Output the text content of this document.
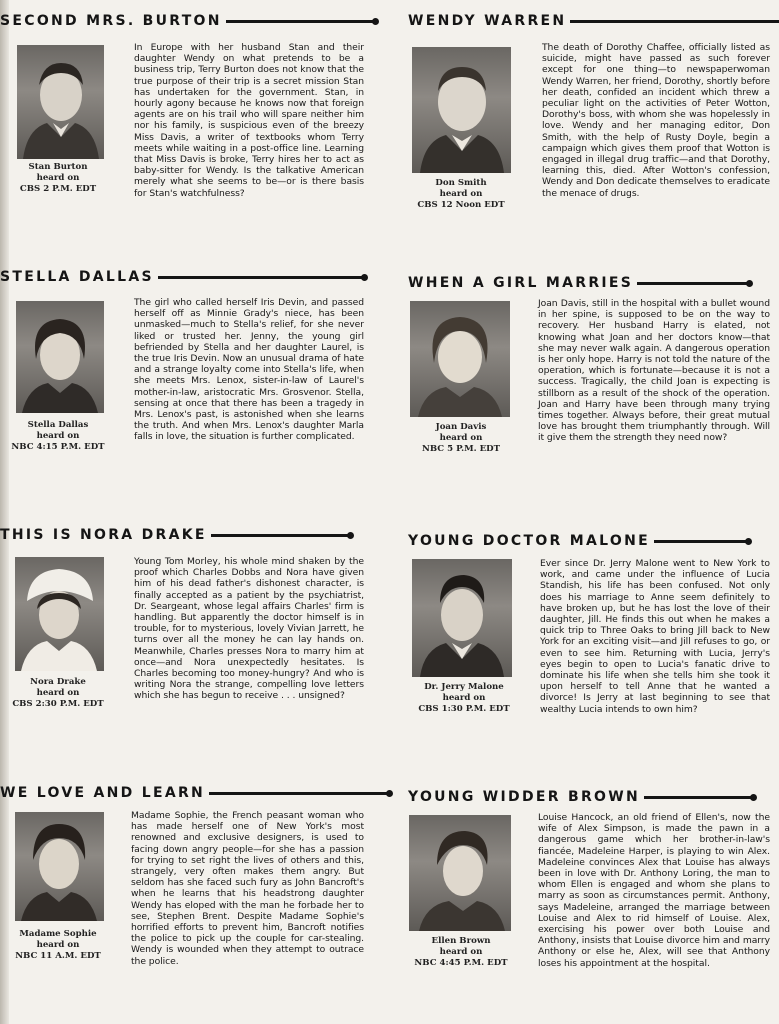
SECOND MRS. BURTON
Stan Burton
heard on
CBS 2 P.M. EDT
In Europe with her husband Stan and their daughter Wendy on what pretends to be a business trip, Terry Burton does not know that the true purpose of their trip is a secret mission Stan has undertaken for the government. Stan, in hourly agony because he knows now that foreign agents are on his trail who will spare neither him nor his family, is suspicious even of the breezy Miss Davis, a writer of textbooks whom Terry meets while waiting in a post-office line. Learning that Miss Davis is broke, Terry hires her to act as baby-sitter for Wendy. Is the talkative American merely what she seems to be—or is there basis for Stan's watchfulness?
WENDY WARREN
Don Smith
heard on
CBS 12 Noon EDT
The death of Dorothy Chaffee, officially listed as suicide, might have passed as such forever except for one thing—to newspaperwoman Wendy Warren, her friend, Dorothy, shortly before her death, confided an incident which threw a peculiar light on the activities of Peter Wotton, Dorothy's boss, with whom she was hopelessly in love. Wendy and her managing editor, Don Smith, with the help of Rusty Doyle, begin a campaign which gives them proof that Wotton is engaged in illegal drug traffic—and that Dorothy, learning this, died. After Wotton's confession, Wendy and Don dedicate themselves to eradicate the menace of drugs.
STELLA DALLAS
Stella Dallas
heard on
NBC 4:15 P.M. EDT
The girl who called herself Iris Devin, and passed herself off as Minnie Grady's niece, has been unmasked—much to Stella's relief, for she never liked or trusted her. Jenny, the young girl befriended by Stella and her daughter Laurel, is the true Iris Devin. Now an unusual drama of hate and a strange loyalty come into Stella's life, when she meets Mrs. Lenox, sister-in-law of Laurel's mother-in-law, aristocratic Mrs. Grosvenor. Stella, sensing at once that there has been a tragedy in Mrs. Lenox's past, is astonished when she learns the truth. And when Mrs. Lenox's daughter Marla falls in love, the situation is further complicated.
WHEN A GIRL MARRIES
Joan Davis
heard on
NBC 5 P.M. EDT
Joan Davis, still in the hospital with a bullet wound in her spine, is supposed to be on the way to recovery. Her husband Harry is elated, not knowing what Joan and her doctors know—that she may never walk again. A dangerous operation is her only hope. Harry is not told the nature of the operation, which is fortunate—because it is not a success. Tragically, the child Joan is expecting is stillborn as a result of the shock of the operation. Joan and Harry have been through many trying times together. Always before, their great mutual love has brought them triumphantly through. Will it give them the strength they need now?
THIS IS NORA DRAKE
Nora Drake
heard on
CBS 2:30 P.M. EDT
Young Tom Morley, his whole mind shaken by the proof which Charles Dobbs and Nora have given him of his dead father's dishonest character, is finally accepted as a patient by the psychiatrist, Dr. Seargeant, whose legal affairs Charles' firm is handling. But apparently the doctor himself is in trouble, for to mysterious, lovely Vivian Jarrett, he turns over all the money he can lay hands on. Meanwhile, Charles presses Nora to marry him at once—and Nora unexpectedly hesitates. Is Charles becoming too money-hungry? And who is writing Nora the strange, compelling love letters which she has begun to receive . . . unsigned?
YOUNG DOCTOR MALONE
Dr. Jerry Malone
heard on
CBS 1:30 P.M. EDT
Ever since Dr. Jerry Malone went to New York to work, and came under the influence of Lucia Standish, his life has been confused. Not only does his marriage to Anne seem definitely to have broken up, but he has lost the love of their daughter, Jill. He finds this out when he makes a quick trip to Three Oaks to bring Jill back to New York for an exciting visit—and Jill refuses to go, or even to see him. Returning with Lucia, Jerry's eyes begin to open to Lucia's fanatic drive to dominate his life when she tells him she took it upon herself to tell Anne that he wanted a divorce! Is Jerry at last beginning to see that wealthy Lucia intends to own him?
WE LOVE AND LEARN
Madame Sophie
heard on
NBC 11 A.M. EDT
Madame Sophie, the French peasant woman who has made herself one of New York's most renowned and exclusive designers, is used to facing down angry people—for she has a passion for trying to set right the lives of others and this, strangely, very often makes them angry. But seldom has she faced such fury as John Bancroft's when he learns that his headstrong daughter Wendy has eloped with the man he forbade her to see, Stephen Brent. Despite Madame Sophie's horrified efforts to prevent him, Bancroft notifies the police to pick up the couple for car-stealing. Wendy is wounded when they attempt to outrace the police.
YOUNG WIDDER BROWN
Ellen Brown
heard on
NBC 4:45 P.M. EDT
Louise Hancock, an old friend of Ellen's, now the wife of Alex Simpson, is made the pawn in a dangerous game which her brother-in-law's fiancée, Madeleine Harper, is playing to win Alex. Madeleine convinces Alex that Louise has always been in love with Dr. Anthony Loring, the man to whom Ellen is engaged and whom she plans to marry as soon as circumstances permit. Anthony, says Madeleine, arranged the marriage between Louise and Alex to rid himself of Louise. Alex, exercising his power over both Louise and Anthony, insists that Louise divorce him and marry Anthony or else he, Alex, will see that Anthony loses his appointment at the hospital.
